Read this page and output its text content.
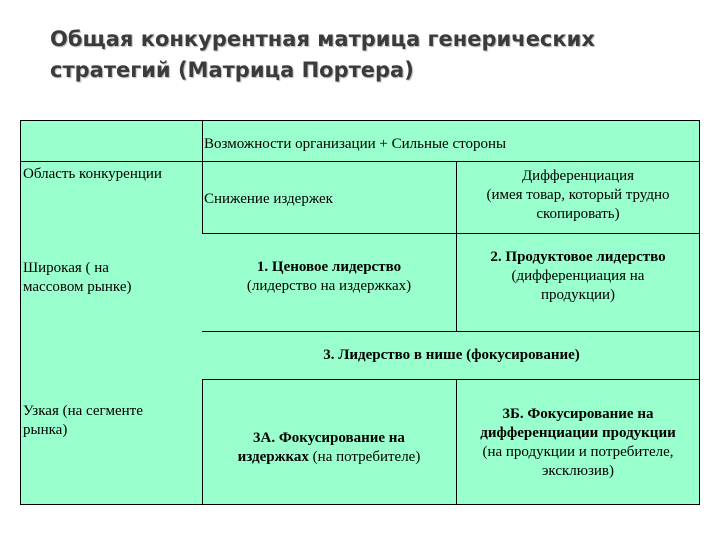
Общая конкурентная матрица генерических
стратегий (Матрица Портера)
Возможности организации + Сильные стороны
Область конкуренции
Снижение издержек
Дифференциация
(имея товар, который трудно
скопировать)
Широкая ( на
массовом рынке)
1. Ценовое лидерство
(лидерство на издержках)
2. Продуктовое лидерство
(дифференциация на
продукции)
3. Лидерство в нише (фокусирование)
Узкая (на сегменте
рынка)	3А. Фокусирование на
издержках (на потребителе)
3Б. Фокусирование на
дифференциации продукции
(на продукции и потребителе,
эксклюзив)
